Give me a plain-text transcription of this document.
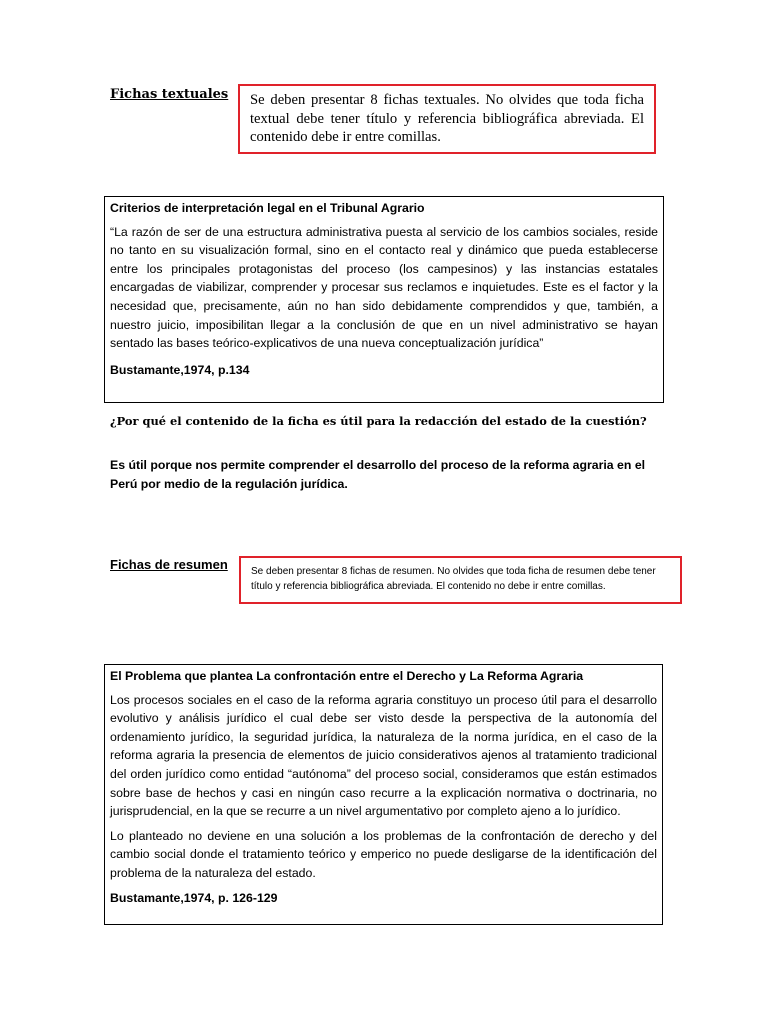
Fichas textuales	Se deben presentar 8 fichas textuales. No olvides que toda ficha textual debe tener título y referencia bibliográfica abreviada. El contenido debe ir entre comillas.

Criterios de interpretación legal en el Tribunal Agrario

“La razón de ser de una estructura administrativa puesta al servicio de los cambios sociales, reside no tanto en su visualización formal, sino en el contacto real y dinámico que pueda establecerse entre los principales protagonistas del proceso (los campesinos) y las instancias estatales encargadas de viabilizar, comprender y procesar sus reclamos e inquietudes. Este es el factor y la necesidad que, precisamente, aún no han sido debidamente comprendidos y que, también, a nuestro juicio, imposibilitan llegar a la conclusión de que en un nivel administrativo se hayan sentado las bases teórico-explicativos de una nueva conceptualización jurídica”

Bustamante,1974, p.134

¿Por qué el contenido de la ficha es útil para la redacción del estado de la cuestión?
Es útil porque nos permite comprender el desarrollo del proceso de la reforma agraria en el Perú por medio de la regulación jurídica.
Fichas de resumen	Se deben presentar 8 fichas de resumen. No olvides que toda ficha de resumen debe tener título y referencia bibliográfica abreviada. El contenido no debe ir entre comillas.

El Problema que plantea La confrontación entre el Derecho y La Reforma Agraria

Los procesos sociales en el caso de la reforma agraria constituyo un proceso útil para el desarrollo evolutivo y análisis jurídico el cual debe ser visto desde la perspectiva de la autonomía del ordenamiento jurídico, la seguridad jurídica, la naturaleza de la norma jurídica, en el caso de la reforma agraria la presencia de elementos de juicio considerativos ajenos al tratamiento tradicional del orden jurídico como entidad “autónoma” del proceso social, consideramos que están estimados sobre base de hechos y casi en ningún caso recurre a la explicación normativa o doctrinaria, no jurisprudencial, en la que se recurre a un nivel argumentativo por completo ajeno a lo jurídico.

Lo planteado no deviene en una solución a los problemas de la confrontación de derecho y del cambio social donde el tratamiento teórico y emperico no puede desligarse de la identificación del problema de la naturaleza del estado.

Bustamante,1974, p. 126-129
